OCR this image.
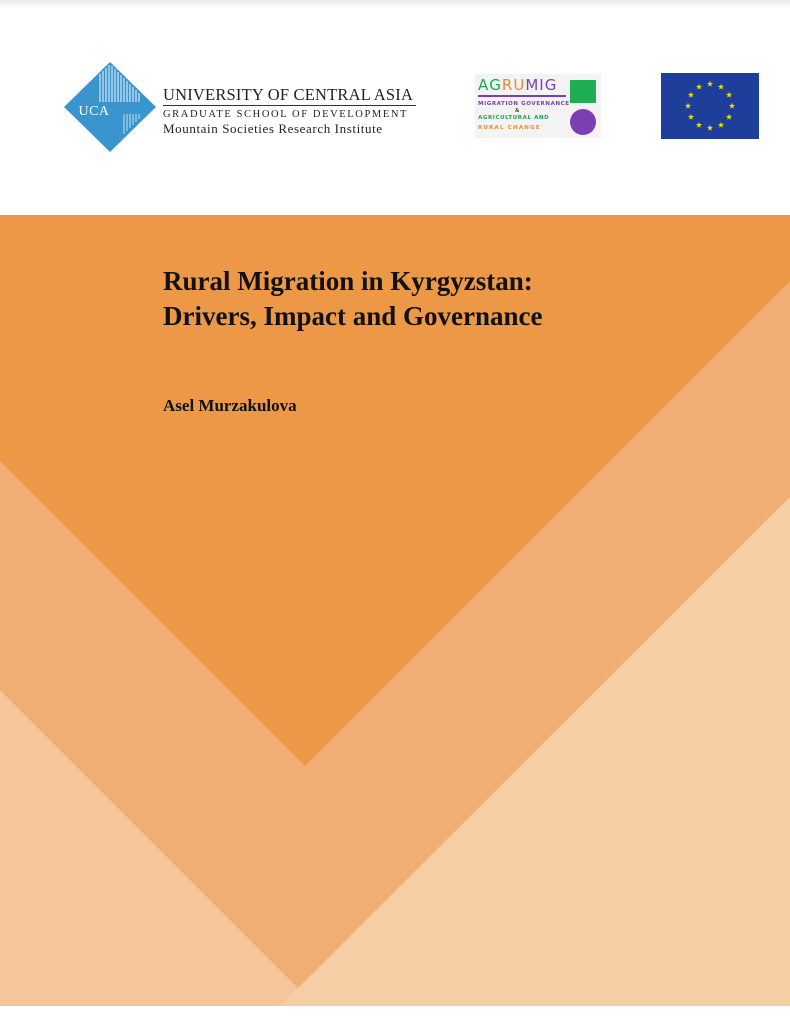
UCA
UNIVERSITY OF CENTRAL ASIA
GRADUATE SCHOOL OF DEVELOPMENT
Mountain Societies Research Institute
AGRUMIG
MIGRATION GOVERNANCE
&
AGRICULTURAL AND
RURAL CHANGE
Rural Migration in Kyrgyzstan:
Drivers, Impact and Governance

Asel Murzakulova
